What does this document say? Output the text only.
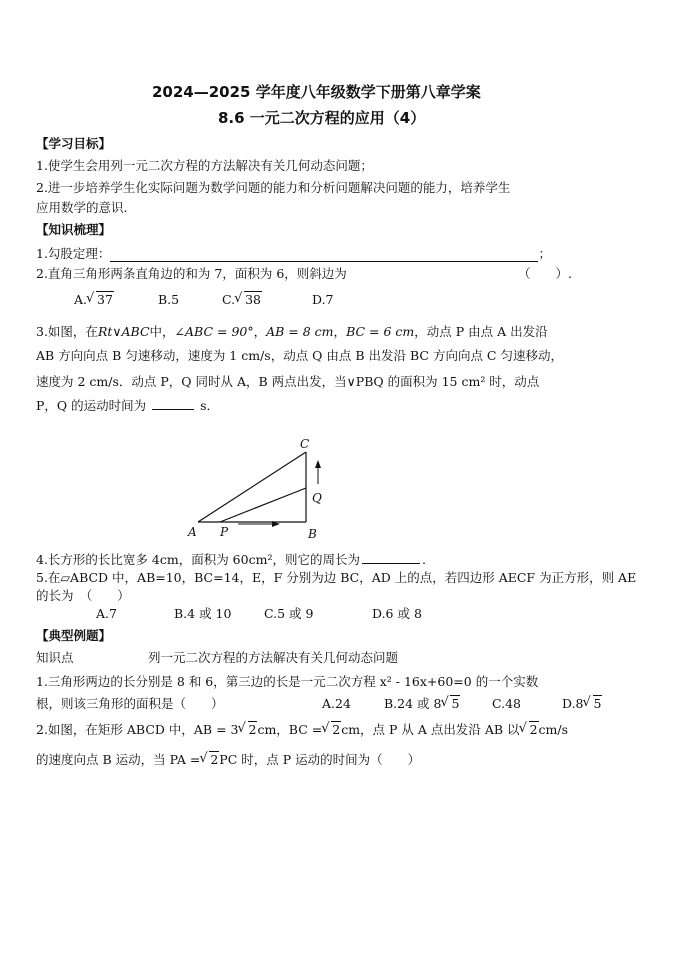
2024—2025 学年度八年级数学下册第八章学案
8.6 一元二次方程的应用（4）
【学习目标】
1.使学生会用列一元二次方程的方法解决有关几何动态问题；
2.进一步培养学生化实际问题为数学问题的能力和分析问题解决问题的能力，培养学生
应用数学的意识.
【知识梳理】
1.勾股定理：	；
2.直角三角形两条直角边的和为 7，面积为 6，则斜边为	（　　）.
A. √ 37	B.5	C. √ 38	D.7
3.如图，在Rt∨ABC中，∠ABC = 90°，AB = 8 cm，BC = 6 cm，动点 P 由点 A 出发沿
AB 方向向点 B 匀速移动，速度为 1 cm/s，动点 Q 由点 B 出发沿 BC 方向向点 C 匀速移动，
速度为 2 cm/s．动点 P，Q 同时从 A，B 两点出发，当∨PBQ 的面积为 15 cm² 时，动点
P，Q 的运动时间为	s．
A P	B
C
Q
4.长方形的长比宽多 4cm，面积为 60cm²，则它的周长为	.
5.在▱ABCD 中，AB=10，BC=14，E，F 分别为边 BC，AD 上的点，若四边形 AECF 为正方形，则 AE
的长为　（　　）
A.7	B.4 或 10	C.5 或 9	D.6 或 8
【典型例题】
知识点	列一元二次方程的方法解决有关几何动态问题
1.三角形两边的长分别是 8 和 6，第三边的长是一元二次方程 x² - 16x+60=0 的一个实数
根，则该三角形的面积是（　　）	A.24	B.24 或 8 √ 5	C.48	D.8 √ 5
2.如图，在矩形 ABCD 中，AB = 3 √ 2cm，BC = √ 2cm，点 P 从 A 点出发沿 AB 以 √ 2cm/s
的速度向点 B 运动，当 PA = √ 2PC 时，点 P 运动的时间为（　　）
